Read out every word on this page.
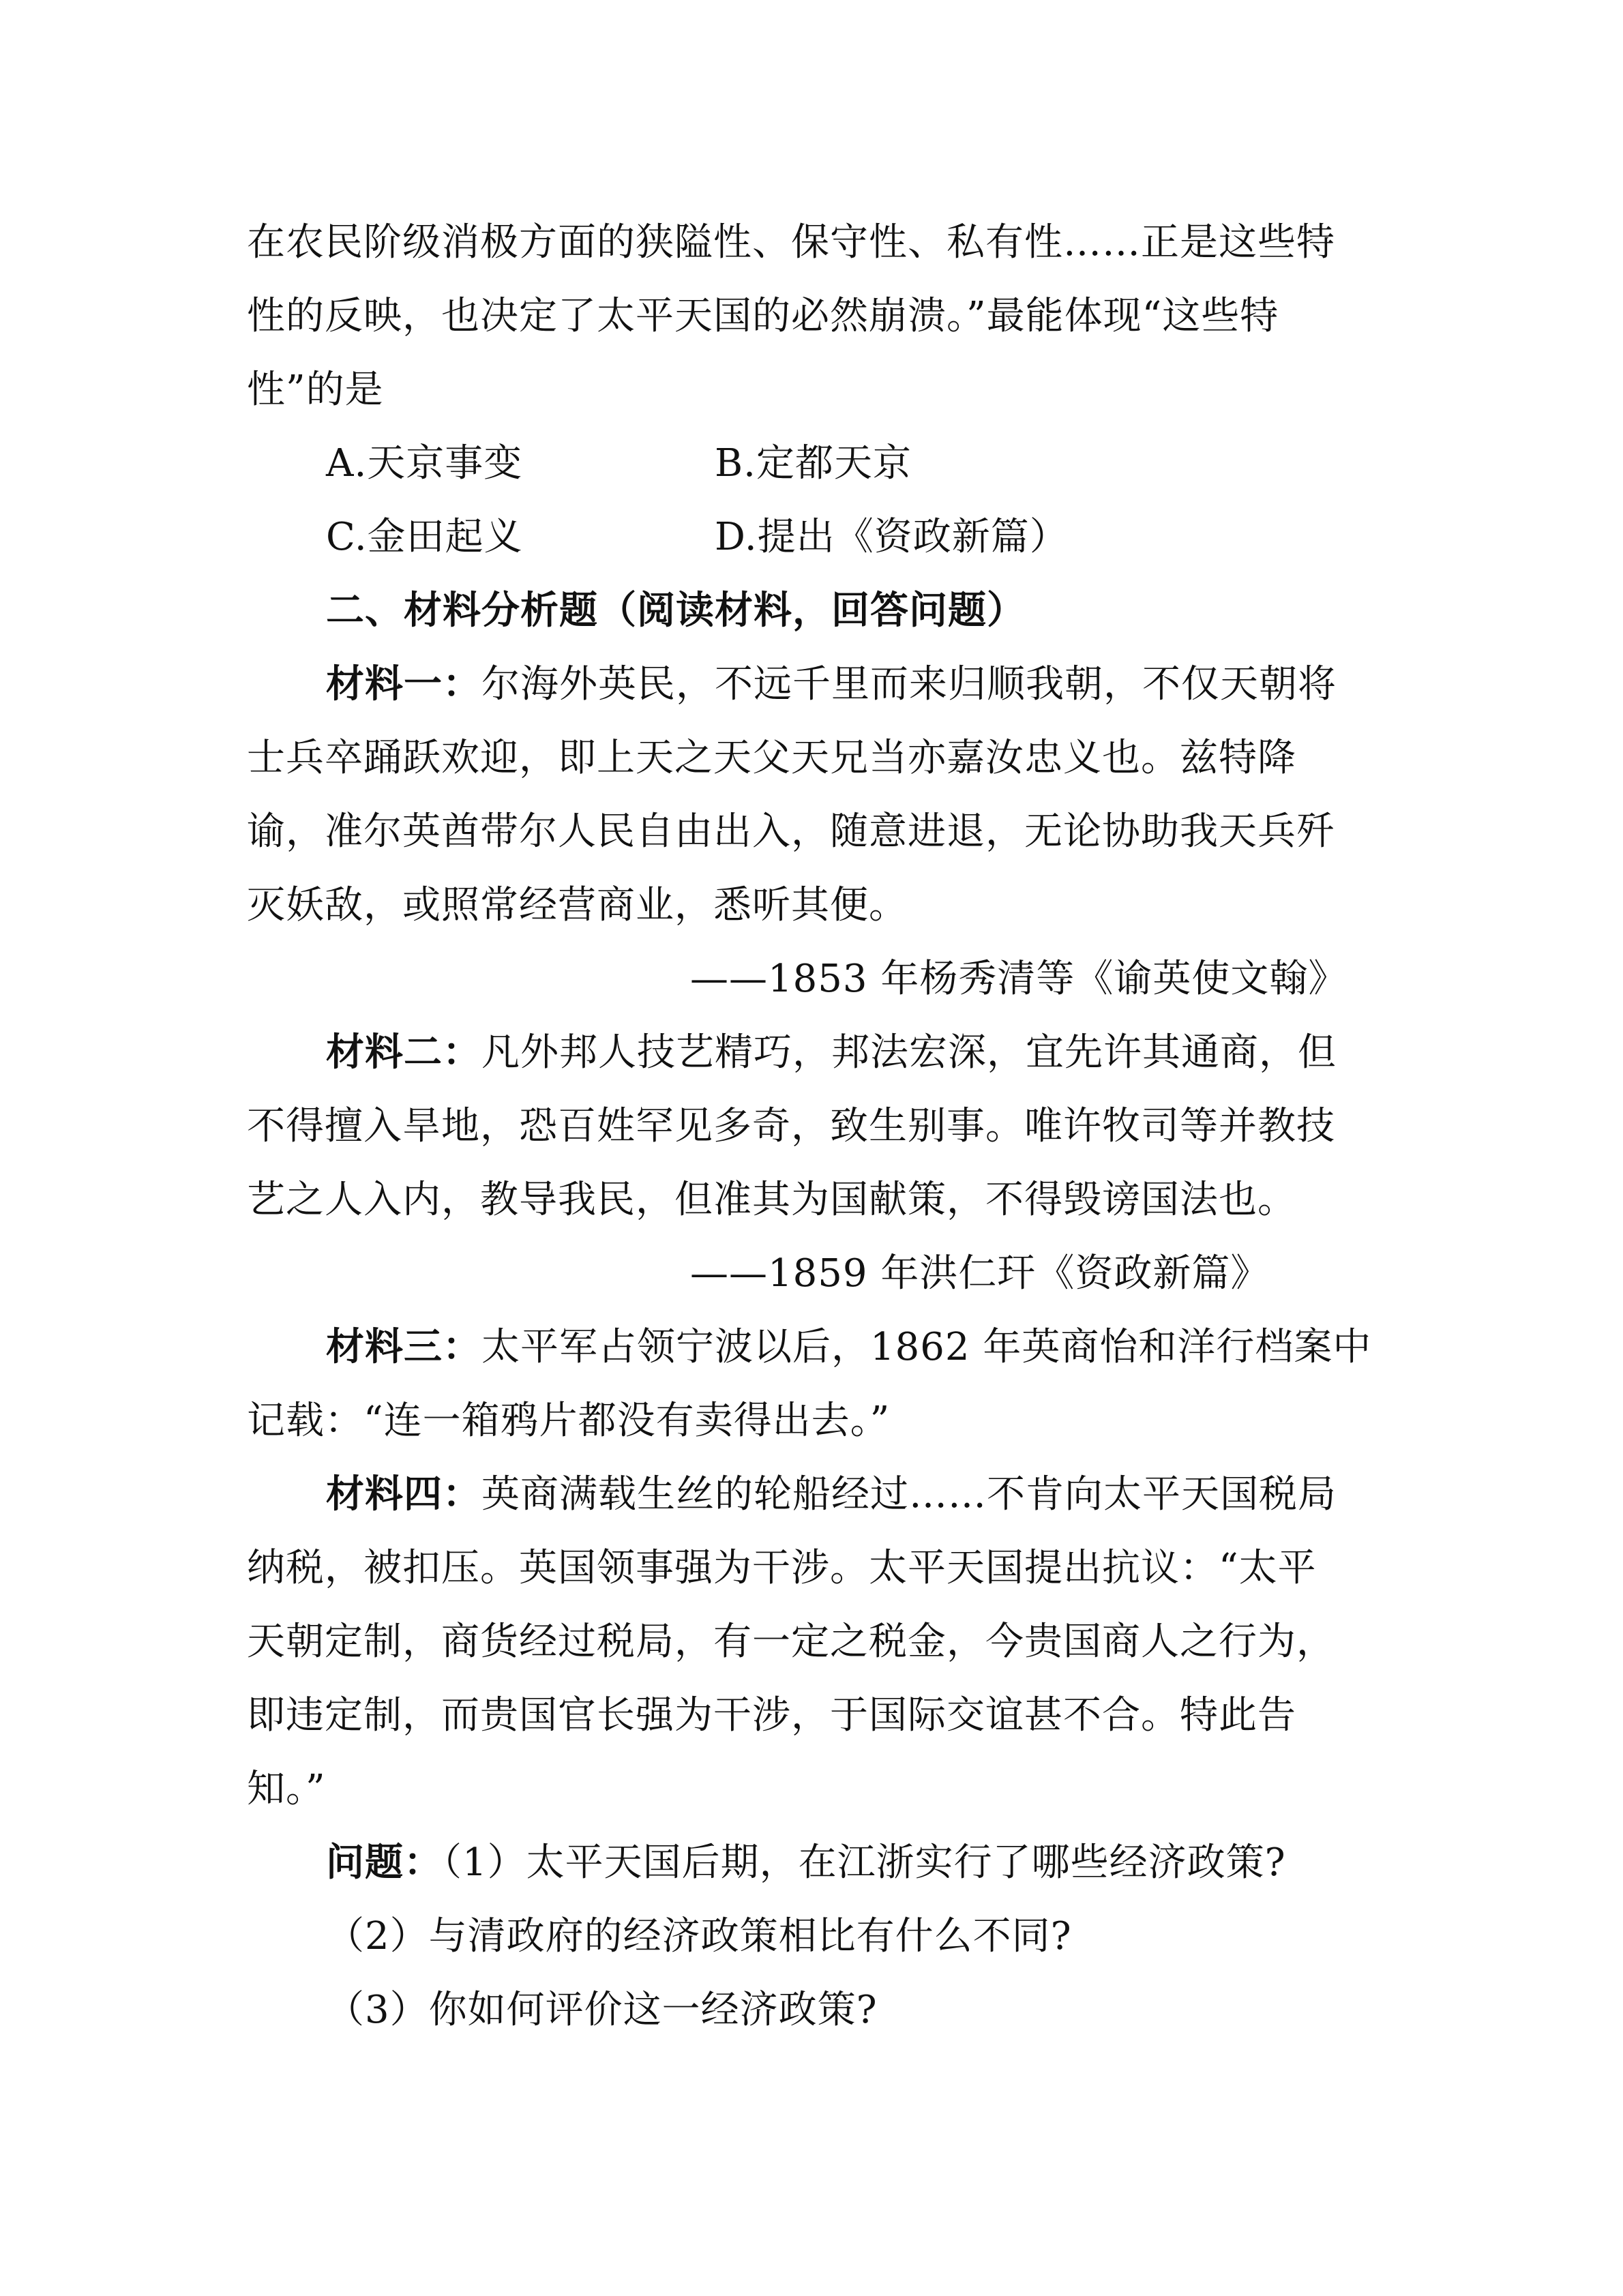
在农民阶级消极方面的狭隘性、保守性、私有性……正是这些特
性的反映，也决定了太平天国的必然崩溃。”最能体现“这些特
性”的是
A.天京事变	B.定都天京
C.金田起义	D.提出《资政新篇）
二、材料分析题（阅读材料，回答问题）
材料一：尔海外英民，不远千里而来归顺我朝，不仅天朝将
士兵卒踊跃欢迎，即上天之天父天兄当亦嘉汝忠义也。兹特降
谕，准尔英酋带尔人民自由出入，随意进退，无论协助我天兵歼
灭妖敌，或照常经营商业，悉听其便。
——1853 年杨秀清等《谕英使文翰》
材料二：凡外邦人技艺精巧，邦法宏深，宜先许其通商，但
不得擅入旱地，恐百姓罕见多奇，致生别事。唯许牧司等并教技
艺之人入内，教导我民，但准其为国献策，不得毁谤国法也。
——1859 年洪仁玕《资政新篇》
材料三：太平军占领宁波以后，1862 年英商怡和洋行档案中
记载：“连一箱鸦片都没有卖得出去。”
材料四：英商满载生丝的轮船经过……不肯向太平天国税局
纳税，被扣压。英国领事强为干涉。太平天国提出抗议：“太平
天朝定制，商货经过税局，有一定之税金，今贵国商人之行为，
即违定制，而贵国官长强为干涉，于国际交谊甚不合。特此告
知。”
问题：（1）太平天国后期，在江浙实行了哪些经济政策?
（2）与清政府的经济政策相比有什么不同?
（3）你如何评价这一经济政策?
